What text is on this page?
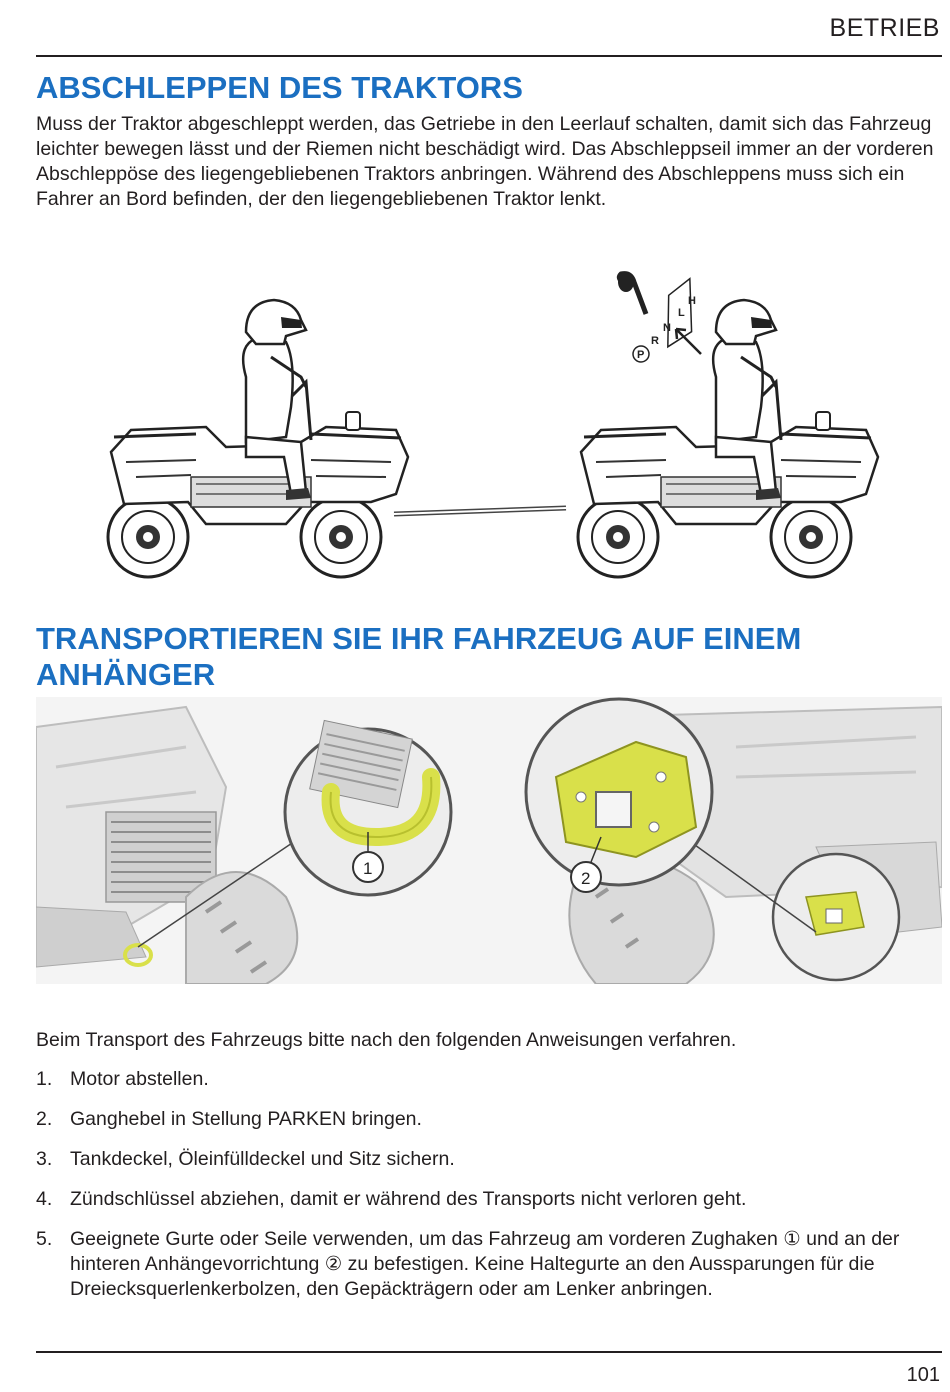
BETRIEB
ABSCHLEPPEN DES TRAKTORS

Muss der Traktor abgeschleppt werden, das Getriebe in den Leerlauf schalten, damit sich das Fahrzeug leichter bewegen lässt und der Riemen nicht beschädigt wird. Das Abschleppseil immer an der vorderen Abschleppöse des liegengebliebenen Traktors anbringen. Während des Abschleppens muss sich ein Fahrer an Bord befinden, der den liegengebliebenen Traktor lenkt.

H
L
N
R
P
TRANSPORTIEREN SIE IHR FAHRZEUG AUF EINEM ANHÄNGER
1
2

Beim Transport des Fahrzeugs bitte nach den folgenden Anweisungen verfahren.

1. Motor abstellen.
2. Ganghebel in Stellung PARKEN bringen.
3. Tankdeckel, Öleinfülldeckel und Sitz sichern.
4. Zündschlüssel abziehen, damit er während des Transports nicht verloren geht.
5. Geeignete Gurte oder Seile verwenden, um das Fahrzeug am vorderen Zughaken ① und an der hinteren Anhängevorrichtung ② zu befestigen. Keine Haltegurte an den Aussparungen für die Dreiecksquerlenkerbolzen, den Gepäckträgern oder am Lenker anbringen.
101
